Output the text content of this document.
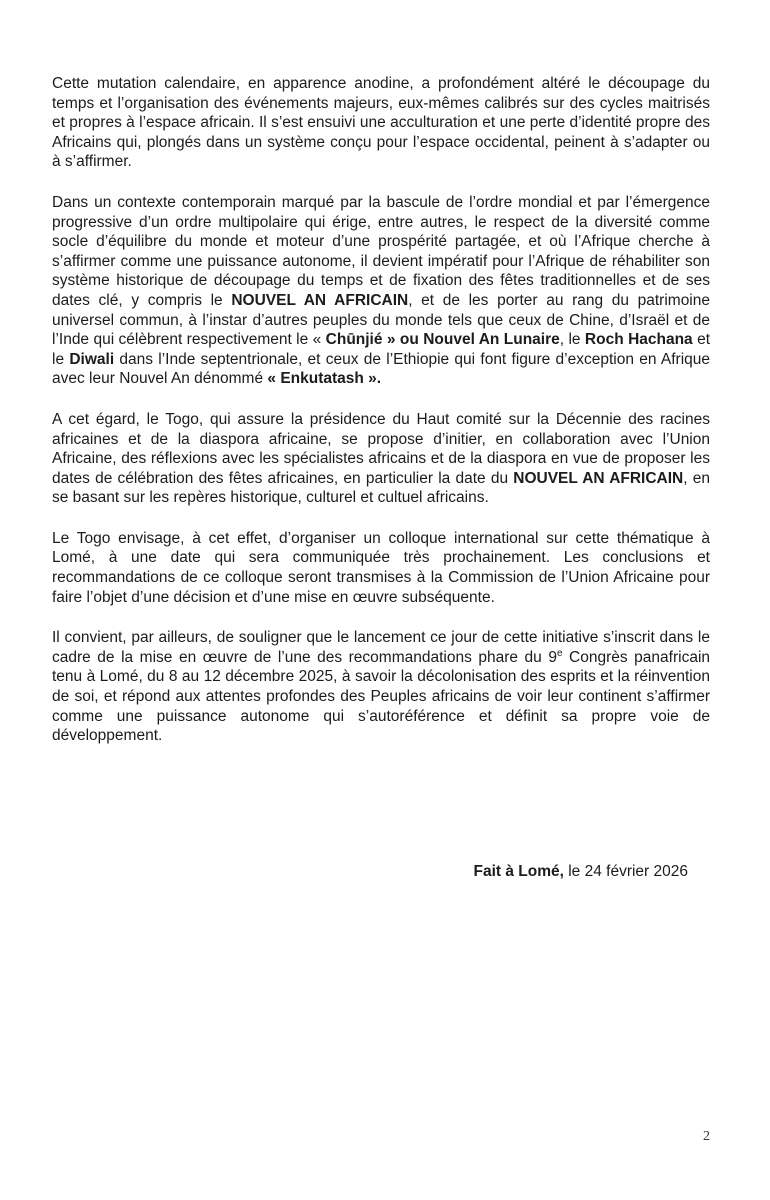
Cette mutation calendaire, en apparence anodine, a profondément altéré le découpage du temps et l’organisation des événements majeurs, eux-mêmes calibrés sur des cycles maitrisés et propres à l’espace africain. Il s’est ensuivi une acculturation et une perte d’identité propre des Africains qui, plongés dans un système conçu pour l’espace occidental, peinent à s’adapter ou à s’affirmer.

Dans un contexte contemporain marqué par la bascule de l’ordre mondial et par l’émergence progressive d’un ordre multipolaire qui érige, entre autres, le respect de la diversité comme socle d’équilibre du monde et moteur d’une prospérité partagée, et où l’Afrique cherche à s’affirmer comme une puissance autonome, il devient impératif pour l’Afrique de réhabiliter son système historique de découpage du temps et de fixation des fêtes traditionnelles et de ses dates clé, y compris le NOUVEL AN AFRICAIN, et de les porter au rang du patrimoine universel commun, à l’instar d’autres peuples du monde tels que ceux de Chine, d’Israël et de l’Inde qui célèbrent respectivement le « Chūnjié » ou Nouvel An Lunaire, le Roch Hachana et le Diwali dans l’Inde septentrionale, et ceux de l’Ethiopie qui font figure d’exception en Afrique avec leur Nouvel An dénommé « Enkutatash ».

A cet égard, le Togo, qui assure la présidence du Haut comité sur la Décennie des racines africaines et de la diaspora africaine, se propose d’initier, en collaboration avec l’Union Africaine, des réflexions avec les spécialistes africains et de la diaspora en vue de proposer les dates de célébration des fêtes africaines, en particulier la date du NOUVEL AN AFRICAIN, en se basant sur les repères historique, culturel et cultuel africains.

Le Togo envisage, à cet effet, d’organiser un colloque international sur cette thématique à Lomé, à une date qui sera communiquée très prochainement. Les conclusions et recommandations de ce colloque seront transmises à la Commission de l’Union Africaine pour faire l’objet d’une décision et d’une mise en œuvre subséquente.

Il convient, par ailleurs, de souligner que le lancement ce jour de cette initiative s’inscrit dans le cadre de la mise en œuvre de l’une des recommandations phare du 9e Congrès panafricain tenu à Lomé, du 8 au 12 décembre 2025, à savoir la décolonisation des esprits et la réinvention de soi, et répond aux attentes profondes des Peuples africains de voir leur continent s’affirmer comme une puissance autonome qui s’autoréférence et définit sa propre voie de développement.

Fait à Lomé, le 24 février 2026
2
